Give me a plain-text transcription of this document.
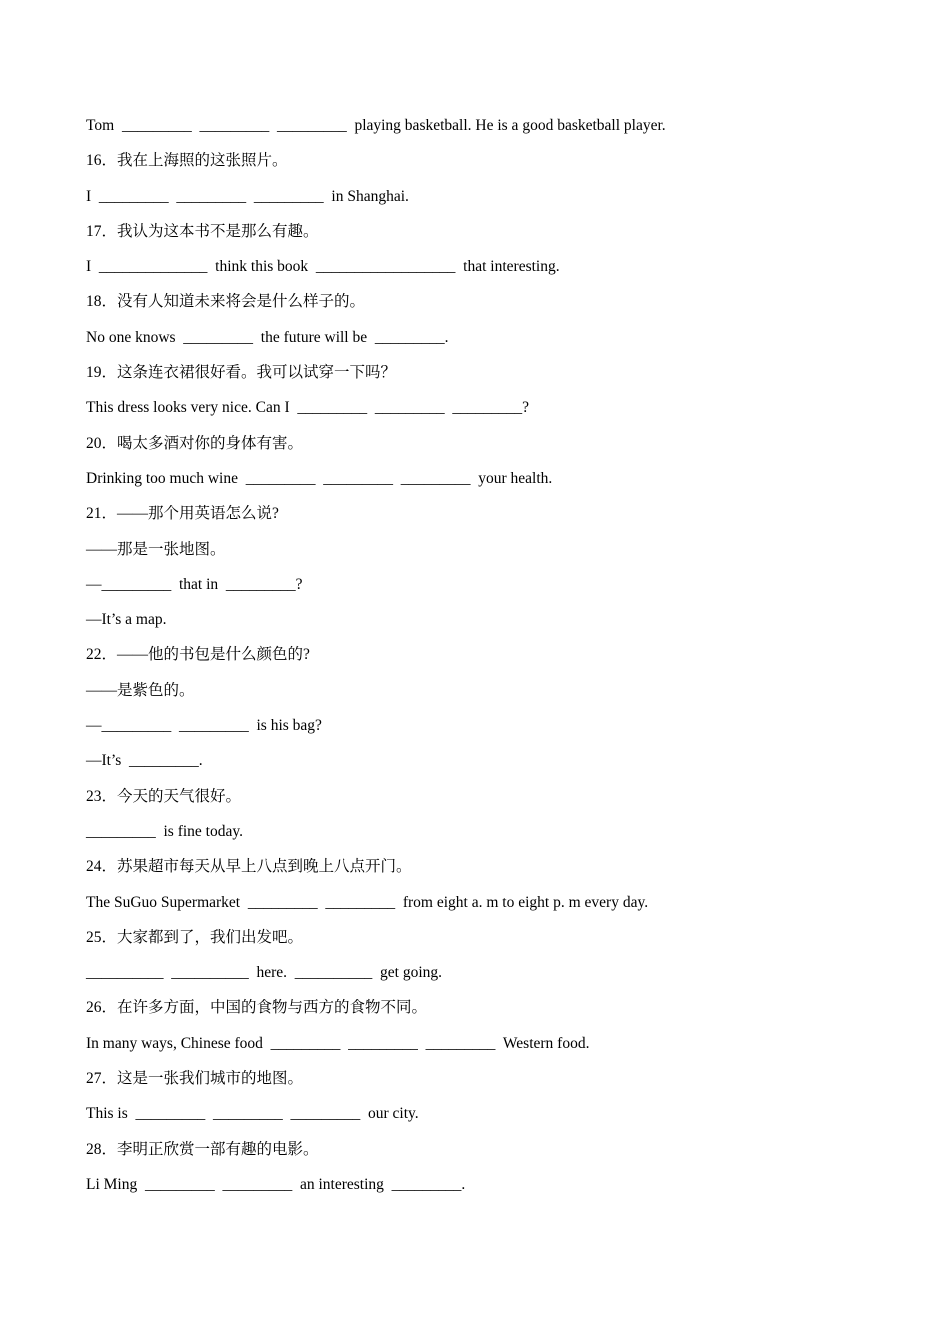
Tom  _________  _________  _________  playing basketball. He is a good basketball player.
16．我在上海照的这张照片。
I  _________  _________  _________  in Shanghai.
17．我认为这本书不是那么有趣。
I  ______________  think this book  __________________  that interesting.
18．没有人知道未来将会是什么样子的。
No one knows  _________  the future will be  _________.
19．这条连衣裙很好看。我可以试穿一下吗？
This dress looks very nice. Can I  _________  _________  _________?
20．喝太多酒对你的身体有害。
Drinking too much wine  _________  _________  _________  your health.
21．——那个用英语怎么说?
——那是一张地图。
—_________  that in  _________?
—It’s a map.
22．——他的书包是什么颜色的?
——是紫色的。
—_________  _________  is his bag?
—It’s  _________.
23．今天的天气很好。
_________  is fine today.
24．苏果超市每天从早上八点到晚上八点开门。
The SuGuo Supermarket  _________  _________  from eight a. m to eight p. m every day.
25．大家都到了，我们出发吧。
__________  __________  here.  __________  get going.
26．在许多方面，中国的食物与西方的食物不同。
In many ways, Chinese food  _________  _________  _________  Western food.
27．这是一张我们城市的地图。
This is  _________  _________  _________  our city.
28．李明正欣赏一部有趣的电影。
Li Ming  _________  _________  an interesting  _________.
